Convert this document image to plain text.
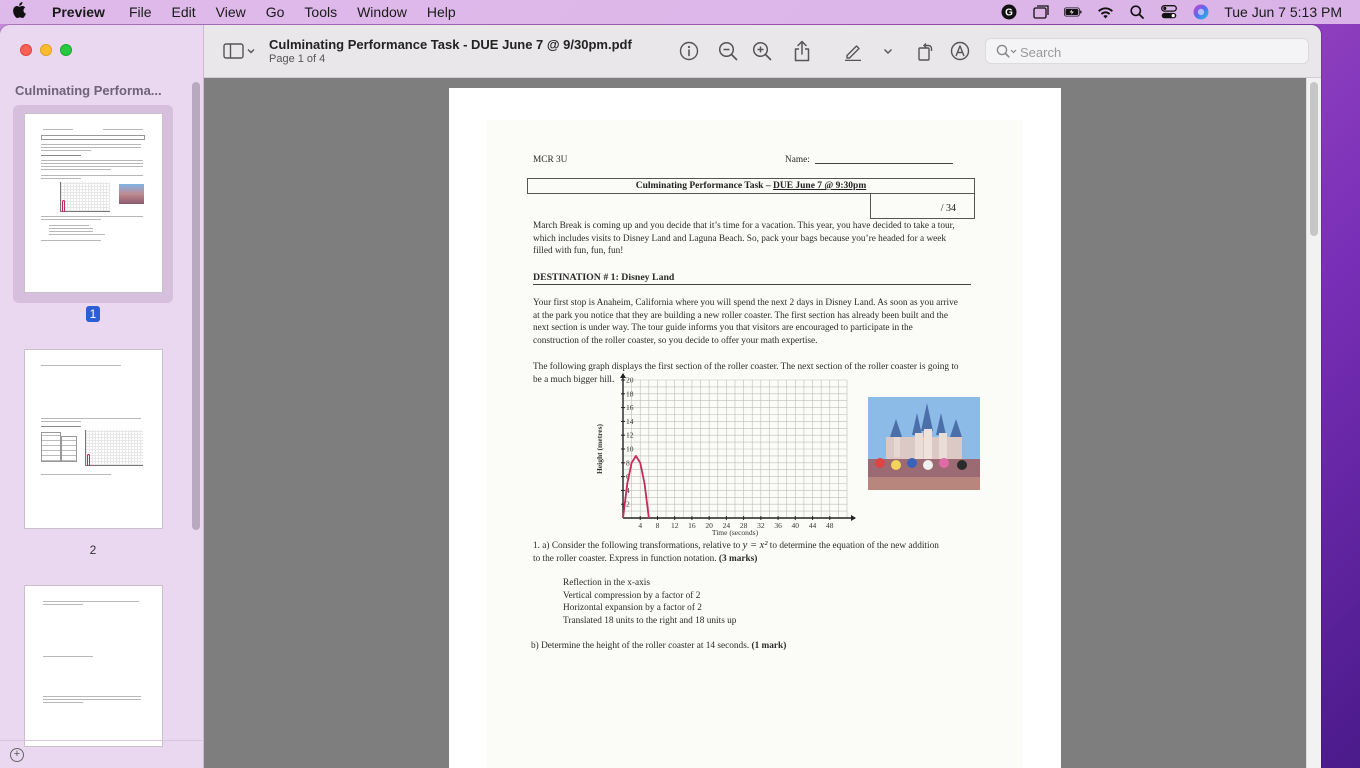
Preview	File	Edit	View	Go	Tools	Window	Help	G	Tue Jun 7 5:13 PM
Culminating Performa...
1
2
+
Culminating Performance Task - DUE June 7 @ 9/30pm.pdf
Page 1 of 4
Search
MCR 3U	Name:
Culminating Performance Task – DUE June 7 @ 9:30pm
/ 34
March Break is coming up and you decide that it’s time for a vacation. This year, you have decided to take a tour,
which includes visits to Disney Land and Laguna Beach. So, pack your bags because you’re headed for a week
filled with fun, fun, fun!
DESTINATION # 1: Disney Land
Your first stop is Anaheim, California where you will spend the next 2 days in Disney Land. As soon as you arrive
at the park you notice that they are building a new roller coaster. The first section has already been built and the
next section is under way. The tour guide informs you that visitors are encouraged to participate in the
construction of the roller coaster, so you decide to offer your math expertise.
The following graph displays the first section of the roller coaster. The next section of the roller coaster is going to
be a much bigger hill.
4 8 12 16 20 24 28 32 36 40 44 48
2
4
6
8
10
12
14
16
18
20
Time (seconds)
Height (metres)
1. a) Consider the following transformations, relative to y = x² to determine the equation of the new addition
to the roller coaster. Express in function notation. (3 marks)
Reflection in the x-axis
Vertical compression by a factor of 2
Horizontal expansion by a factor of 2
Translated 18 units to the right and 18 units up
b) Determine the height of the roller coaster at 14 seconds. (1 mark)
